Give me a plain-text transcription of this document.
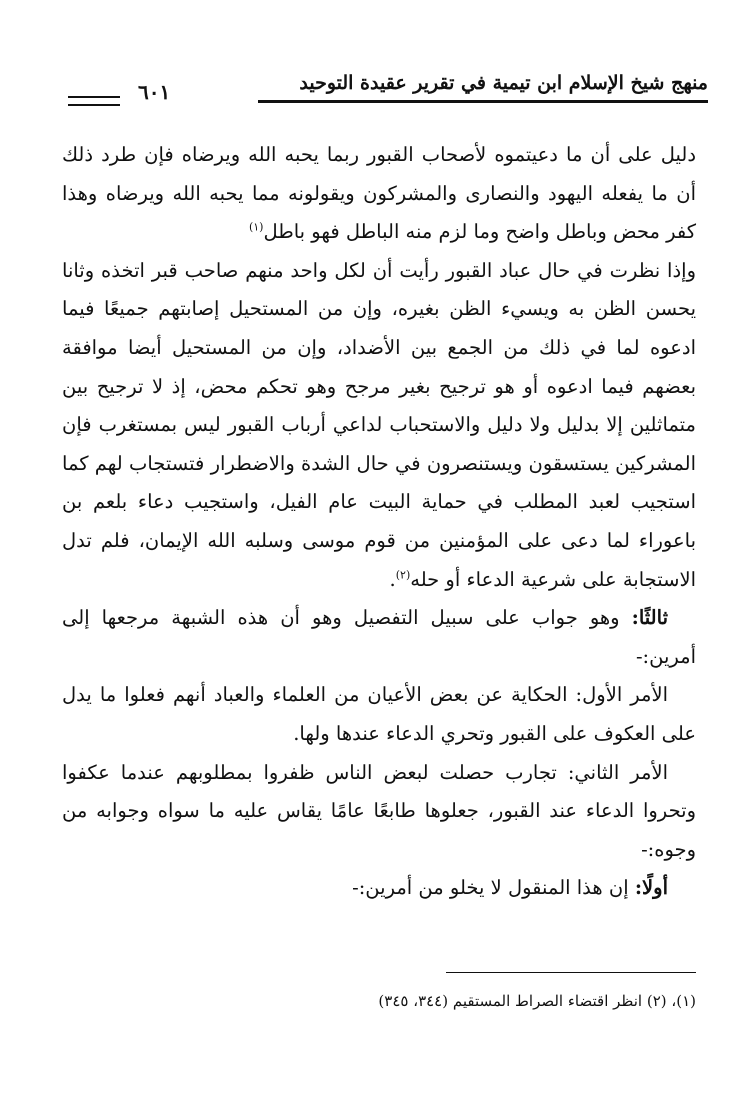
منهج شيخ الإسلام ابن تيمية في تقرير عقيدة التوحيد
٦٠١

دليل على أن ما دعيتموه لأصحاب القبور ربما يحبه الله ويرضاه فإن طرد ذلك أن ما يفعله اليهود والنصارى والمشركون ويقولونه مما يحبه الله ويرضاه وهذا كفر محض وباطل واضح وما لزم منه الباطل فهو باطل$^{(١)}$

وإذا نظرت في حال عباد القبور رأيت أن لكل واحد منهم صاحب قبر اتخذه وثانا يحسن الظن به ويسيء الظن بغيره، وإن من المستحيل إصابتهم جميعًا فيما ادعوه لما في ذلك من الجمع بين الأضداد، وإن من المستحيل أيضا موافقة بعضهم فيما ادعوه أو هو ترجيح بغير مرجح وهو تحكم محض، إذ لا ترجيح بين متماثلين إلا بدليل ولا دليل والاستحباب لداعي أرباب القبور ليس بمستغرب فإن المشركين يستسقون ويستنصرون في حال الشدة والاضطرار فتستجاب لهم كما استجيب لعبد المطلب في حماية البيت عام الفيل، واستجيب دعاء بلعم بن باعوراء لما دعى على المؤمنين من قوم موسى وسلبه الله الإيمان، فلم تدل الاستجابة على شرعية الدعاء أو حله$^{(٢)}$.

ثالثًا: وهو جواب على سبيل التفصيل وهو أن هذه الشبهة مرجعها إلى أمرين:-

الأمر الأول: الحكاية عن بعض الأعيان من العلماء والعباد أنهم فعلوا ما يدل على العكوف على القبور وتحري الدعاء عندها ولها.

الأمر الثاني: تجارب حصلت لبعض الناس ظفروا بمطلوبهم عندما عكفوا وتحروا الدعاء عند القبور، جعلوها طابعًا عامًا يقاس عليه ما سواه وجوابه من وجوه:-

أولًا: إن هذا المنقول لا يخلو من أمرين:-

(١)، (٢) انظر اقتضاء الصراط المستقيم (٣٤٤، ٣٤٥)
